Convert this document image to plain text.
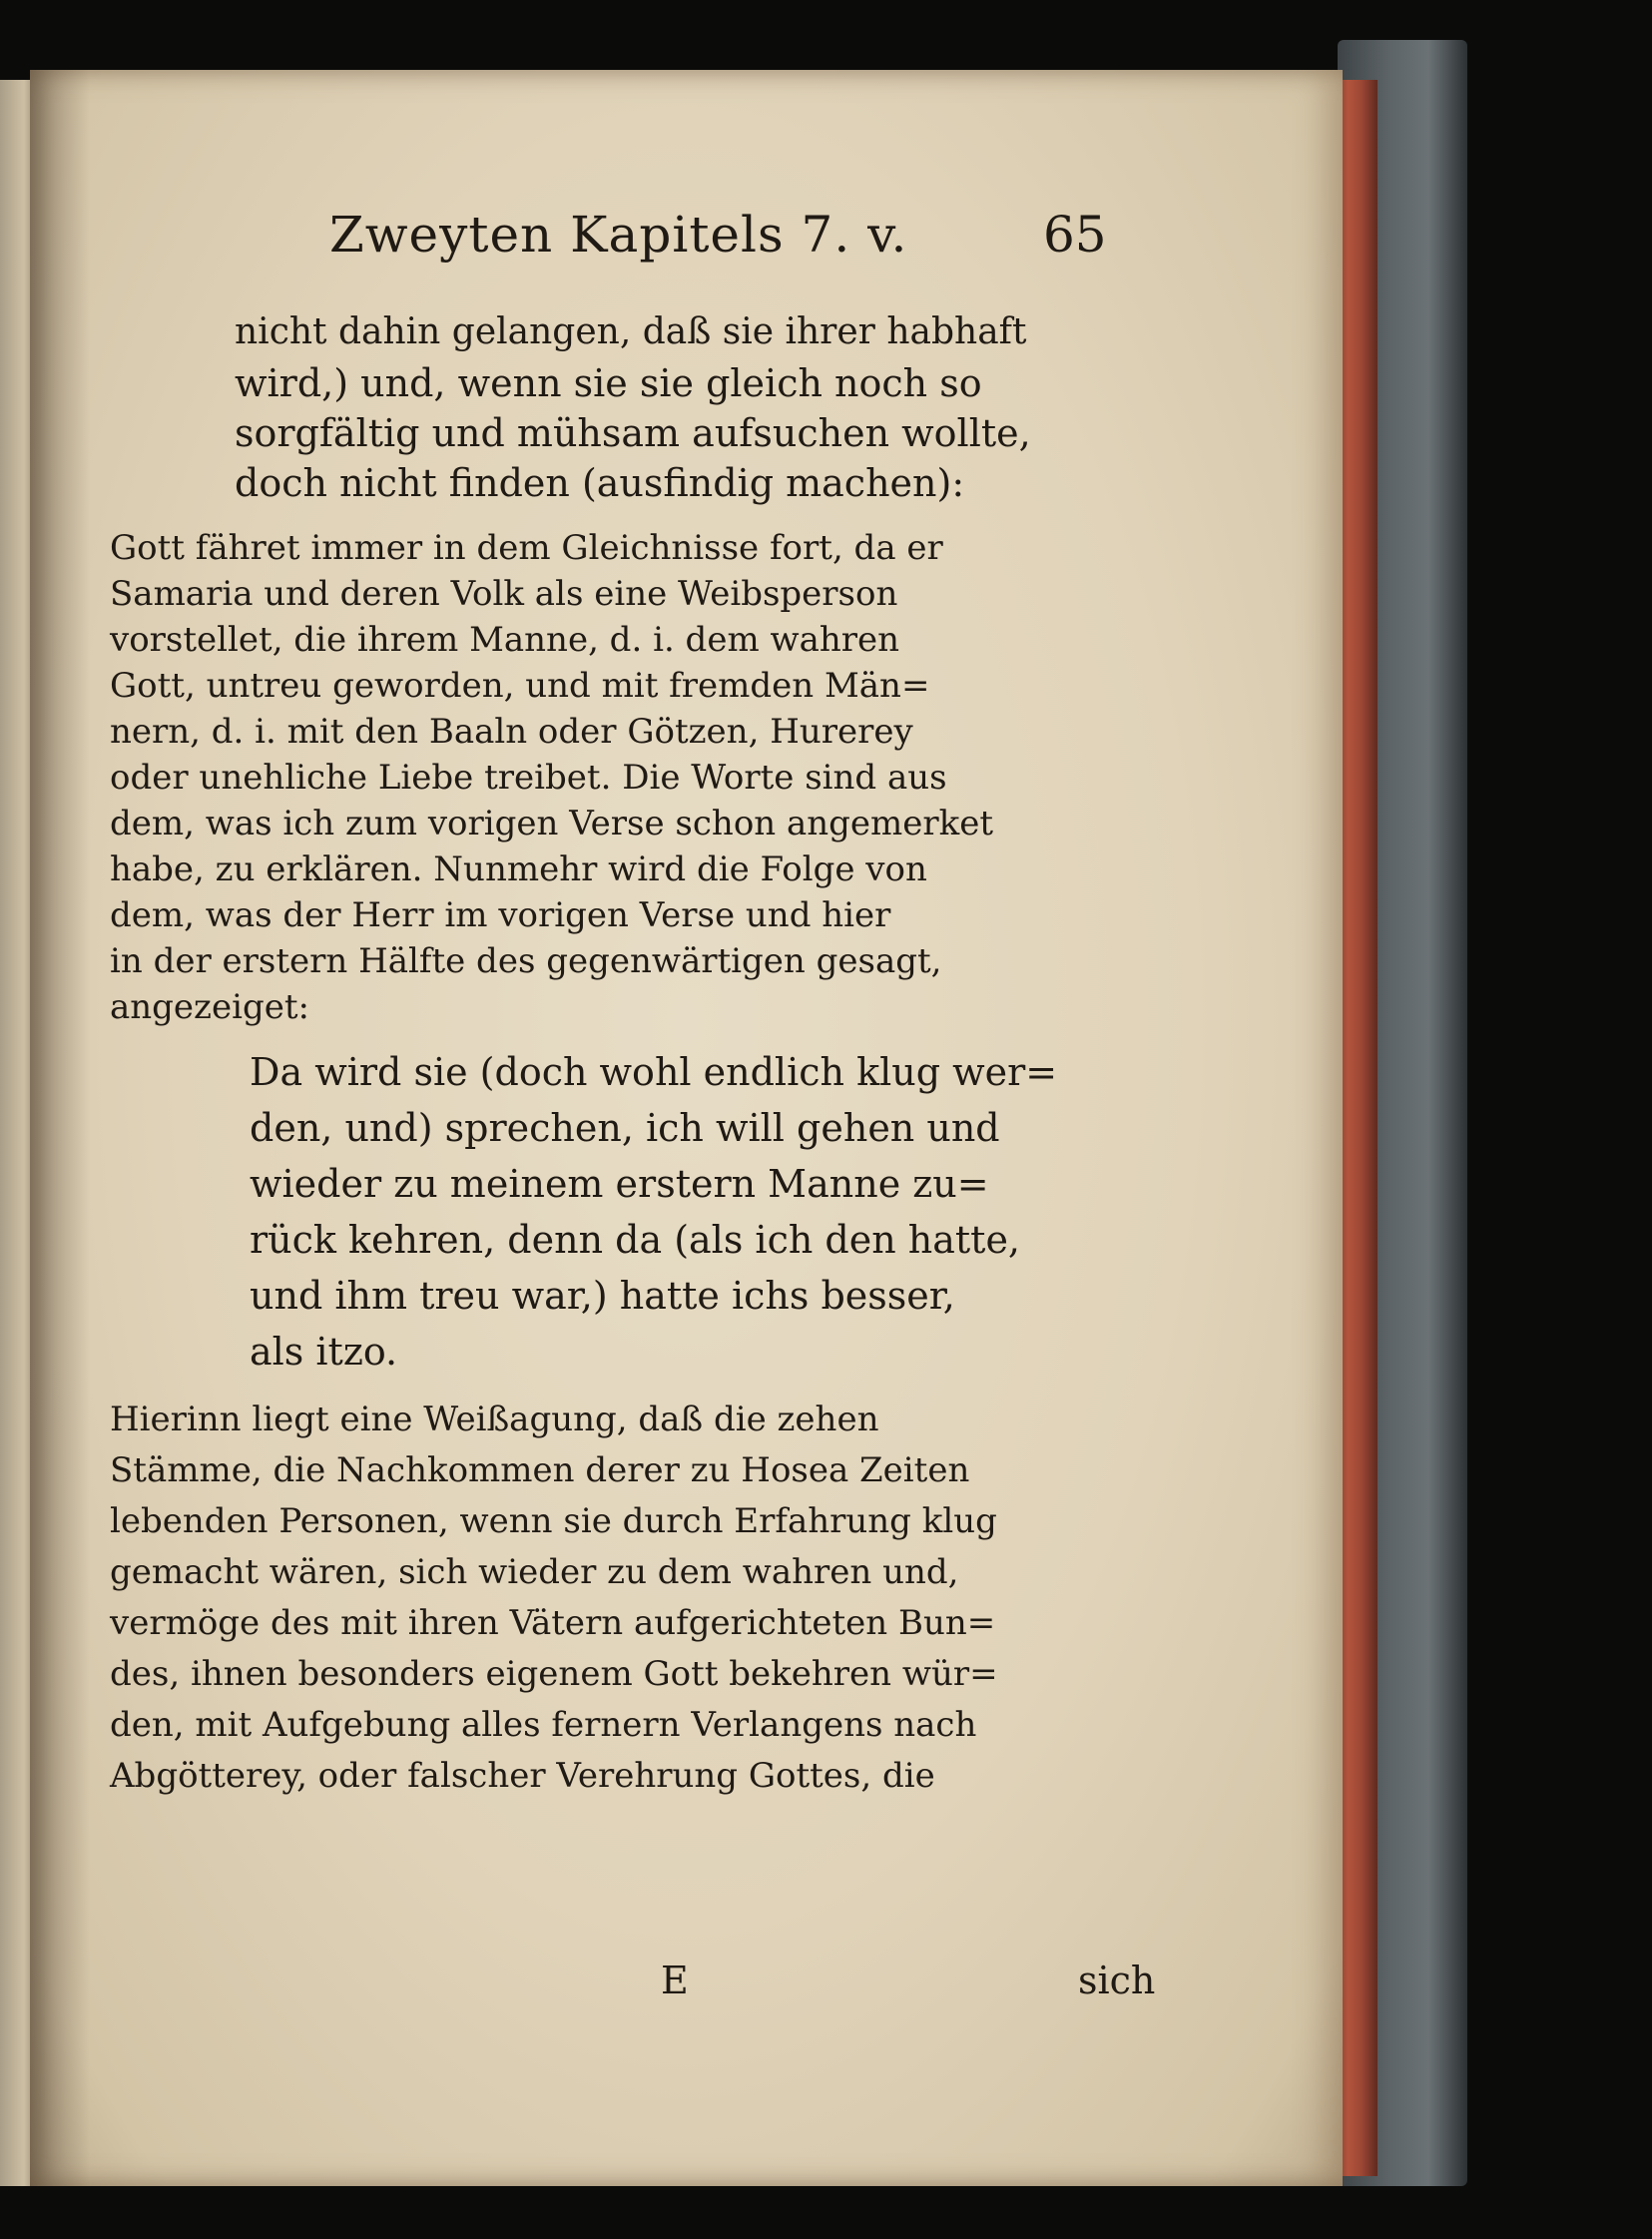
Zweyten Kapitels 7. v.	65

nicht dahin gelangen, daß sie ihrer habhaft

wird,) und, wenn sie sie gleich noch so

sorgfältig und mühsam aufsuchen wollte,

doch nicht finden (ausfindig machen):

Gott fähret immer in dem Gleichnisse fort, da er

Samaria und deren Volk als eine Weibsperson

vorstellet, die ihrem Manne, d. i. dem wahren

Gott, untreu geworden, und mit fremden Män=

nern, d. i. mit den Baaln oder Götzen, Hurerey

oder unehliche Liebe treibet. Die Worte sind aus

dem, was ich zum vorigen Verse schon angemerket

habe, zu erklären. Nunmehr wird die Folge von

dem, was der Herr im vorigen Verse und hier

in der erstern Hälfte des gegenwärtigen gesagt,

angezeiget:

Da wird sie (doch wohl endlich klug wer=

den, und) sprechen, ich will gehen und

wieder zu meinem erstern Manne zu=

rück kehren, denn da (als ich den hatte,

und ihm treu war,) hatte ichs besser,

als itzo.

Hierinn liegt eine Weißagung, daß die zehen

Stämme, die Nachkommen derer zu Hosea Zeiten

lebenden Personen, wenn sie durch Erfahrung klug

gemacht wären, sich wieder zu dem wahren und,

vermöge des mit ihren Vätern aufgerichteten Bun=

des, ihnen besonders eigenem Gott bekehren wür=

den, mit Aufgebung alles fernern Verlangens nach

Abgötterey, oder falscher Verehrung Gottes, die

E	sich
